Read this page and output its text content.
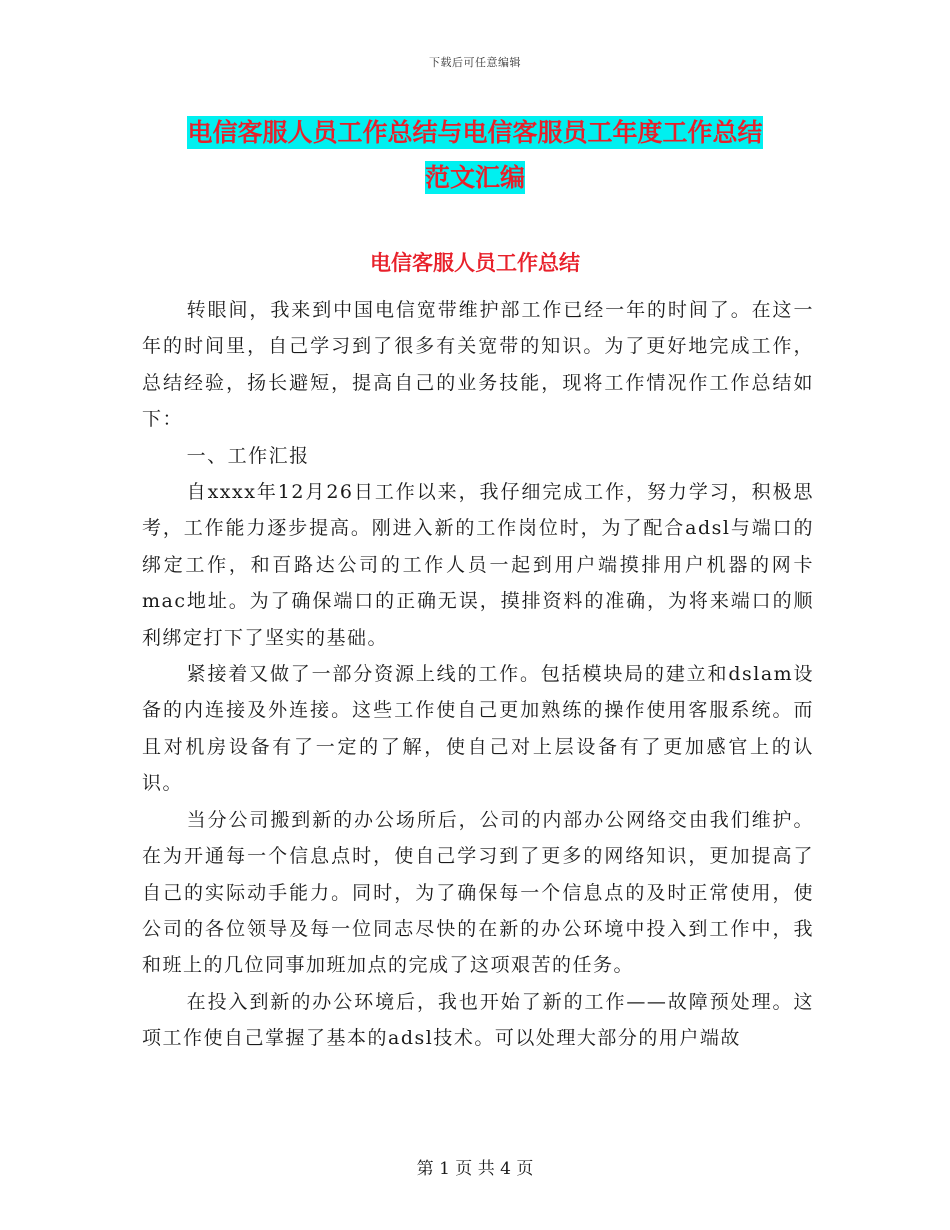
下载后可任意编辑
电信客服人员工作总结与电信客服员工年度工作总结
范文汇编
电信客服人员工作总结

转眼间，我来到中国电信宽带维护部工作已经一年的时间了。在这一年的时间里，自己学习到了很多有关宽带的知识。为了更好地完成工作，总结经验，扬长避短，提高自己的业务技能，现将工作情况作工作总结如下：

一、工作汇报

自xxxx年12月26日工作以来，我仔细完成工作，努力学习，积极思考，工作能力逐步提高。刚进入新的工作岗位时，为了配合adsl与端口的绑定工作，和百路达公司的工作人员一起到用户端摸排用户机器的网卡mac地址。为了确保端口的正确无误，摸排资料的准确，为将来端口的顺利绑定打下了坚实的基础。

紧接着又做了一部分资源上线的工作。包括模块局的建立和dslam设备的内连接及外连接。这些工作使自己更加熟练的操作使用客服系统。而且对机房设备有了一定的了解，使自己对上层设备有了更加感官上的认识。

当分公司搬到新的办公场所后，公司的内部办公网络交由我们维护。在为开通每一个信息点时，使自己学习到了更多的网络知识，更加提高了自己的实际动手能力。同时，为了确保每一个信息点的及时正常使用，使公司的各位领导及每一位同志尽快的在新的办公环境中投入到工作中，我和班上的几位同事加班加点的完成了这项艰苦的任务。

在投入到新的办公环境后，我也开始了新的工作——故障预处理。这项工作使自己掌握了基本的adsl技术。可以处理大部分的用户端故

第 1 页 共 4 页
